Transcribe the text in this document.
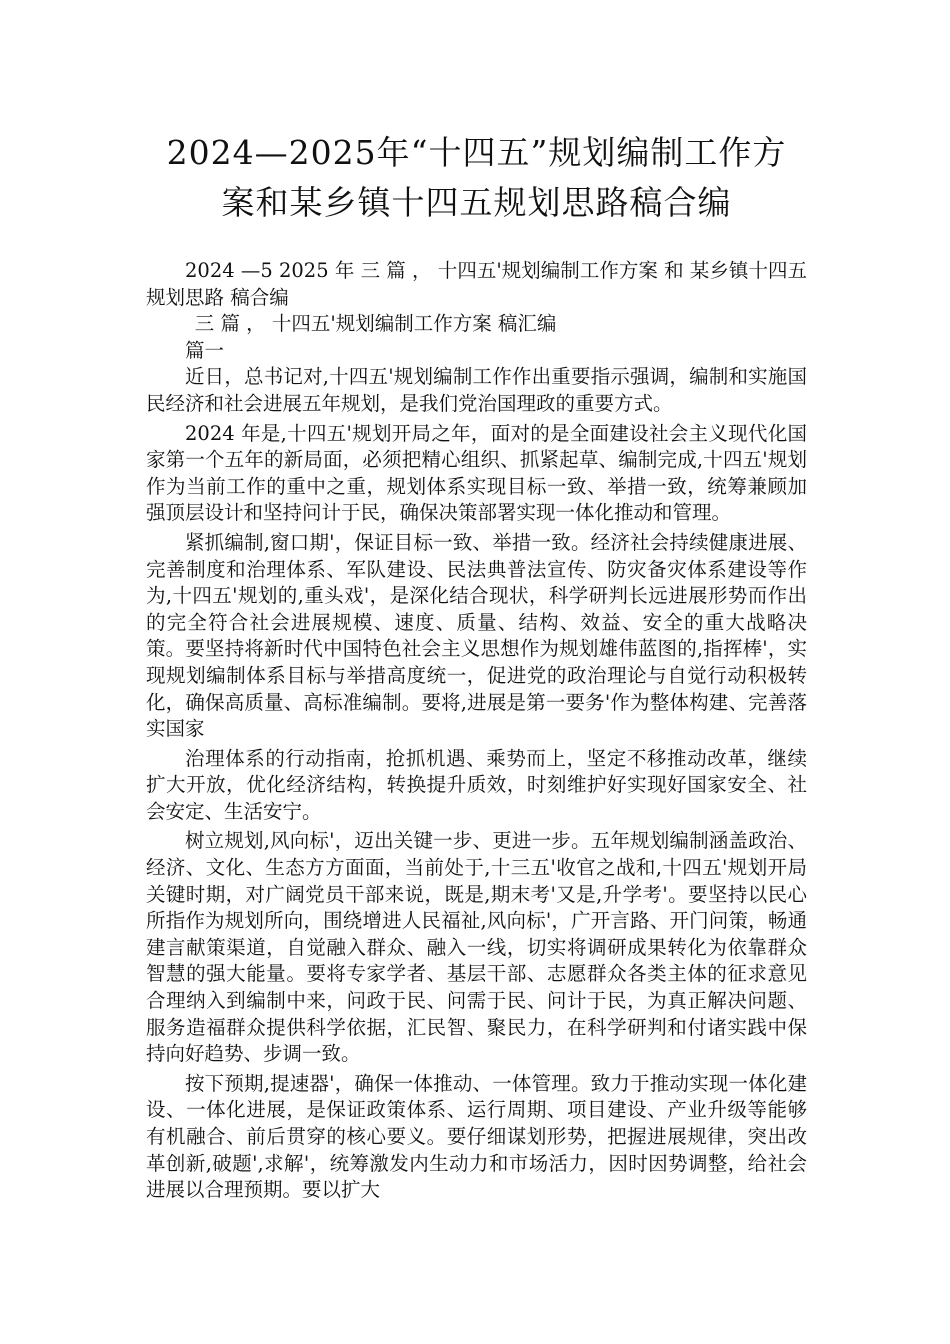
2024—2025年“十四五”规划编制工作方
案和某乡镇十四五规划思路稿合编

2024 —5 2025 年 三 篇 ， 十四五'规划编制工作方案 和 某乡镇十四五规划思路 稿合编

三 篇 ， 十四五'规划编制工作方案 稿汇编

篇一

近日，总书记对,十四五'规划编制工作作出重要指示强调，编制和实施国民经济和社会进展五年规划，是我们党治国理政的重要方式。

2024 年是,十四五'规划开局之年，面对的是全面建设社会主义现代化国家第一个五年的新局面，必须把精心组织、抓紧起草、编制完成,十四五'规划作为当前工作的重中之重，规划体系实现目标一致、举措一致，统筹兼顾加强顶层设计和坚持问计于民，确保决策部署实现一体化推动和管理。

紧抓编制,窗口期'，保证目标一致、举措一致。经济社会持续健康进展、完善制度和治理体系、军队建设、民法典普法宣传、防灾备灾体系建设等作为,十四五'规划的,重头戏'，是深化结合现状，科学研判长远进展形势而作出的完全符合社会进展规模、速度、质量、结构、效益、安全的重大战略决策。要坚持将新时代中国特色社会主义思想作为规划雄伟蓝图的,指挥棒'，实现规划编制体系目标与举措高度统一，促进党的政治理论与自觉行动积极转化，确保高质量、高标准编制。要将,进展是第一要务'作为整体构建、完善落实国家

治理体系的行动指南，抢抓机遇、乘势而上，坚定不移推动改革，继续扩大开放，优化经济结构，转换提升质效，时刻维护好实现好国家安全、社会安定、生活安宁。

树立规划,风向标'，迈出关键一步、更进一步。五年规划编制涵盖政治、经济、文化、生态方方面面，当前处于,十三五'收官之战和,十四五'规划开局关键时期，对广阔党员干部来说，既是,期末考'又是,升学考'。要坚持以民心所指作为规划所向，围绕增进人民福祉,风向标'，广开言路、开门问策，畅通建言献策渠道，自觉融入群众、融入一线，切实将调研成果转化为依靠群众智慧的强大能量。要将专家学者、基层干部、志愿群众各类主体的征求意见合理纳入到编制中来，问政于民、问需于民、问计于民，为真正解决问题、服务造福群众提供科学依据，汇民智、聚民力，在科学研判和付诸实践中保持向好趋势、步调一致。

按下预期,提速器'，确保一体推动、一体管理。致力于推动实现一体化建设、一体化进展，是保证政策体系、运行周期、项目建设、产业升级等能够有机融合、前后贯穿的核心要义。要仔细谋划形势，把握进展规律，突出改革创新,破题',求解'，统筹激发内生动力和市场活力，因时因势调整，给社会进展以合理预期。要以扩大
